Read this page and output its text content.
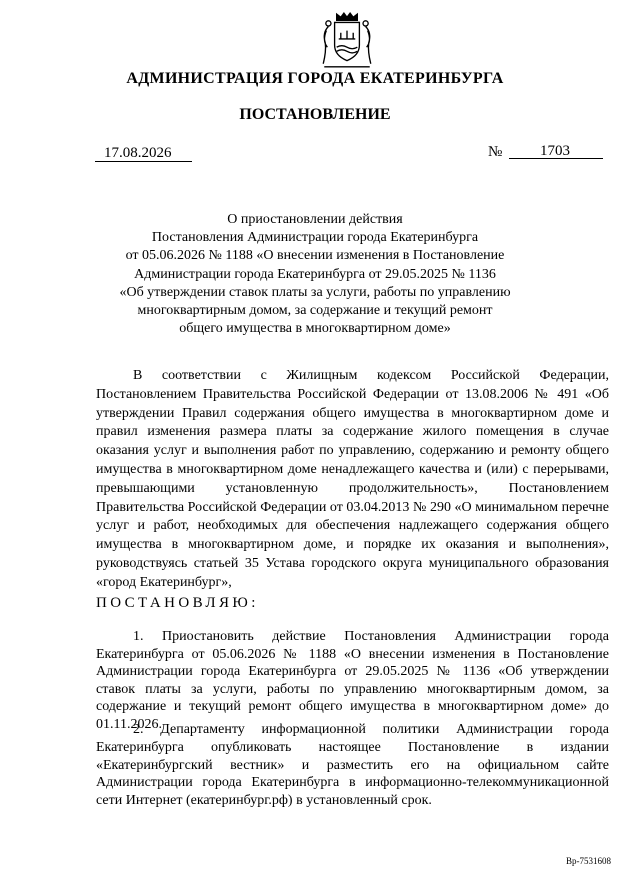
АДМИНИСТРАЦИЯ ГОРОДА ЕКАТЕРИНБУРГА
ПОСТАНОВЛЕНИЕ
17.08.2026	№	1703
О приостановлении действия
Постановления Администрации города Екатеринбурга
от 05.06.2026 № 1188 «О внесении изменения в Постановление
Администрации города Екатеринбурга от 29.05.2025 № 1136
«Об утверждении ставок платы за услуги, работы по управлению
многоквартирным домом, за содержание и текущий ремонт
общего имущества в многоквартирном доме»
В соответствии с Жилищным кодексом Российской Федерации, Постановлением Правительства Российской Федерации от 13.08.2006 № 491 «Об утверждении Правил содержания общего имущества в многоквартирном доме и правил изменения размера платы за содержание жилого помещения в случае оказания услуг и выполнения работ по управлению, содержанию и ремонту общего имущества в многоквартирном доме ненадлежащего качества и (или) с перерывами, превышающими установленную продолжительность», Постановлением Правительства Российской Федерации от 03.04.2013 № 290 «О минимальном перечне услуг и работ, необходимых для обеспечения надлежащего содержания общего имущества в многоквартирном доме, и порядке их оказания и выполнения», руководствуясь статьей 35 Устава городского округа муниципального образования «город Екатеринбург»,
ПОСТАНОВЛЯЮ:
1. Приостановить действие Постановления Администрации города Екатеринбурга от 05.06.2026 № 1188 «О внесении изменения в Постановление Администрации города Екатеринбурга от 29.05.2025 № 1136 «Об утверждении ставок платы за услуги, работы по управлению многоквартирным домом, за содержание и текущий ремонт общего имущества в многоквартирном доме» до 01.11.2026.
2. Департаменту информационной политики Администрации города Екатеринбурга опубликовать настоящее Постановление в издании «Екатеринбургский вестник» и разместить его на официальном сайте Администрации города Екатеринбурга в информационно-телекоммуникационной сети Интернет (екатеринбург.рф) в установленный срок.
Вр-7531608
